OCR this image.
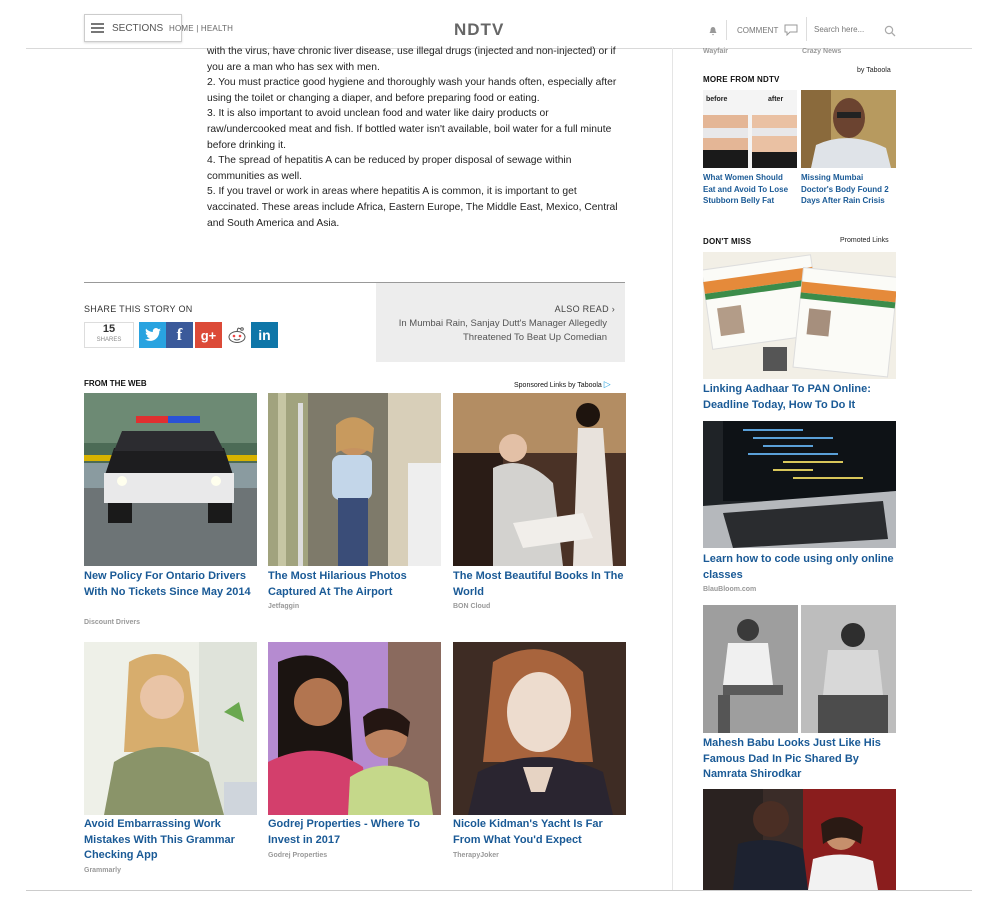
SECTIONS HOME | HEALTH	NDTV	COMMENT	Search here...

with the virus, have chronic liver disease, use illegal drugs (injected and non-injected) or if you are a man who has sex with men.

2. You must practice good hygiene and thoroughly wash your hands often, especially after using the toilet or changing a diaper, and before preparing food or eating.

3. It is also important to avoid unclean food and water like dairy products or raw/undercooked meat and fish. If bottled water isn't available, boil water for a full minute before drinking it.

4. The spread of hepatitis A can be reduced by proper disposal of sewage within communities as well.

5. If you travel or work in areas where hepatitis A is common, it is important to get vaccinated. These areas include Africa, Eastern Europe, The Middle East, Mexico, Central and South America and Asia.

SHARE THIS STORY ON
15
SHARES	f g+	in
ALSO READ ›
In Mumbai Rain, Sanjay Dutt's Manager Allegedly Threatened To Beat Up Comedian
FROM THE WEB	Sponsored Links by Taboola ▷
New Policy For Ontario Drivers With No Tickets Since May 2014
Discount Drivers
The Most Hilarious Photos Captured At The Airport
Jetfaggin
The Most Beautiful Books In The World
BON Cloud
Avoid Embarrassing Work Mistakes With This Grammar Checking App
Grammarly
Godrej Properties - Where To Invest in 2017
Godrej Properties
Nicole Kidman's Yacht Is Far From What You'd Expect
TherapyJoker
Wayfair	Crazy News
by Taboola
MORE FROM NDTV
before	after
What Women Should Eat and Avoid To Lose Stubborn Belly Fat
Missing Mumbai Doctor's Body Found 2 Days After Rain Crisis
DON'T MISS	Promoted Links
Linking Aadhaar To PAN Online: Deadline Today, How To Do It
Learn how to code using only online classes
BlauBloom.com
Mahesh Babu Looks Just Like His Famous Dad In Pic Shared By Namrata Shirodkar
